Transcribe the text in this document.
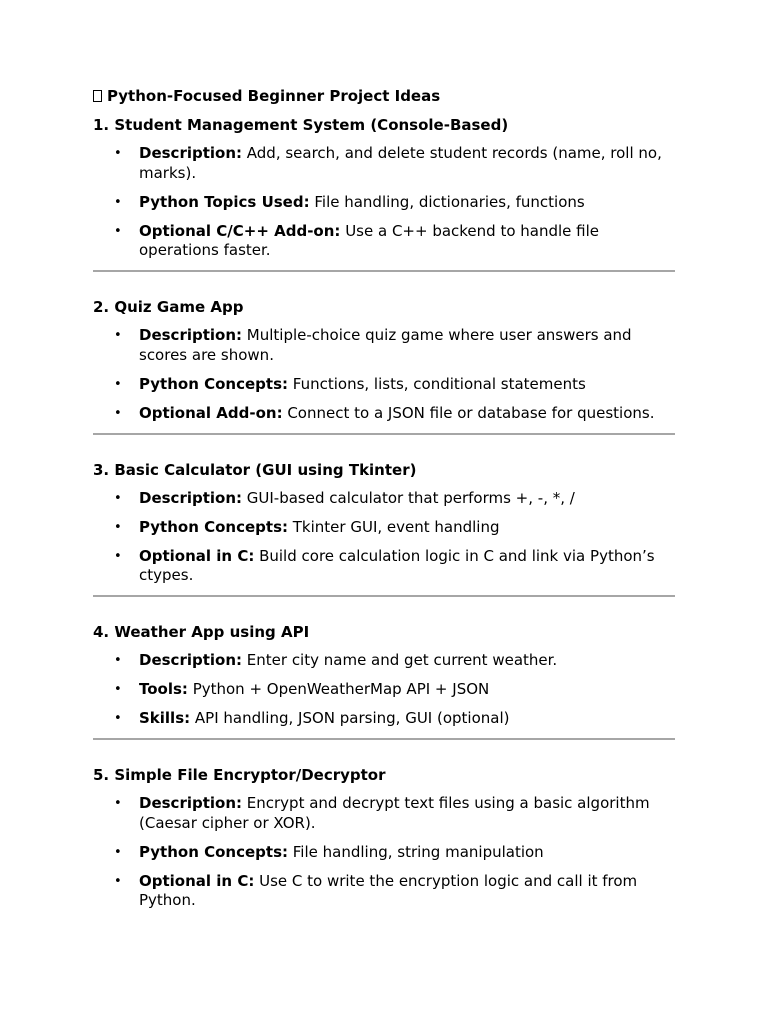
Python-Focused Beginner Project Ideas
1. Student Management System (Console-Based)
• Description: Add, search, and delete student records (name, roll no, marks).
• Python Topics Used: File handling, dictionaries, functions
• Optional C/C++ Add-on: Use a C++ backend to handle file operations faster.
2. Quiz Game App
• Description: Multiple-choice quiz game where user answers and scores are shown.
• Python Concepts: Functions, lists, conditional statements
• Optional Add-on: Connect to a JSON file or database for questions.
3. Basic Calculator (GUI using Tkinter)
• Description: GUI-based calculator that performs +, -, *, /
• Python Concepts: Tkinter GUI, event handling
• Optional in C: Build core calculation logic in C and link via Python’s ctypes.
4. Weather App using API
• Description: Enter city name and get current weather.
• Tools: Python + OpenWeatherMap API + JSON
• Skills: API handling, JSON parsing, GUI (optional)
5. Simple File Encryptor/Decryptor
• Description: Encrypt and decrypt text files using a basic algorithm (Caesar cipher or XOR).
• Python Concepts: File handling, string manipulation
• Optional in C: Use C to write the encryption logic and call it from Python.
